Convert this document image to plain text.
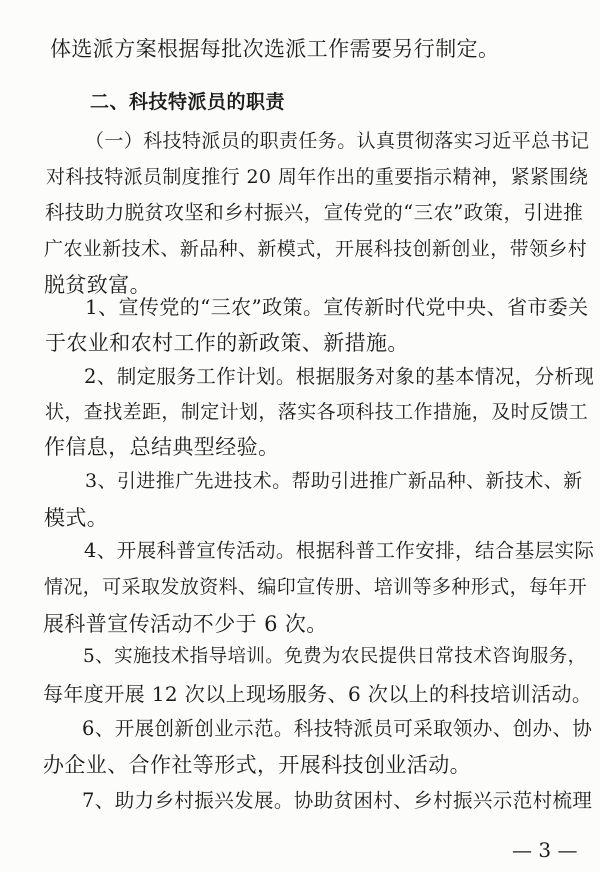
体选派方案根据每批次选派工作需要另行制定。
二、科技特派员的职责
（一）科技特派员的职责任务。认真贯彻落实习近平总书记
对科技特派员制度推行 20 周年作出的重要指示精神，紧紧围绕
科技助力脱贫攻坚和乡村振兴，宣传党的“三农”政策，引进推
广农业新技术、新品种、新模式，开展科技创新创业，带领乡村
脱贫致富。
1、宣传党的“三农”政策。宣传新时代党中央、省市委关
于农业和农村工作的新政策、新措施。
2、制定服务工作计划。根据服务对象的基本情况，分析现
状，查找差距，制定计划，落实各项科技工作措施，及时反馈工
作信息，总结典型经验。
3、引进推广先进技术。帮助引进推广新品种、新技术、新
模式。
4、开展科普宣传活动。根据科普工作安排，结合基层实际
情况，可采取发放资料、编印宣传册、培训等多种形式，每年开
展科普宣传活动不少于 6 次。
5、实施技术指导培训。免费为农民提供日常技术咨询服务，
每年度开展 12 次以上现场服务、6 次以上的科技培训活动。
6、开展创新创业示范。科技特派员可采取领办、创办、协
办企业、合作社等形式，开展科技创业活动。
7、助力乡村振兴发展。协助贫困村、乡村振兴示范村梳理
— 3 —
